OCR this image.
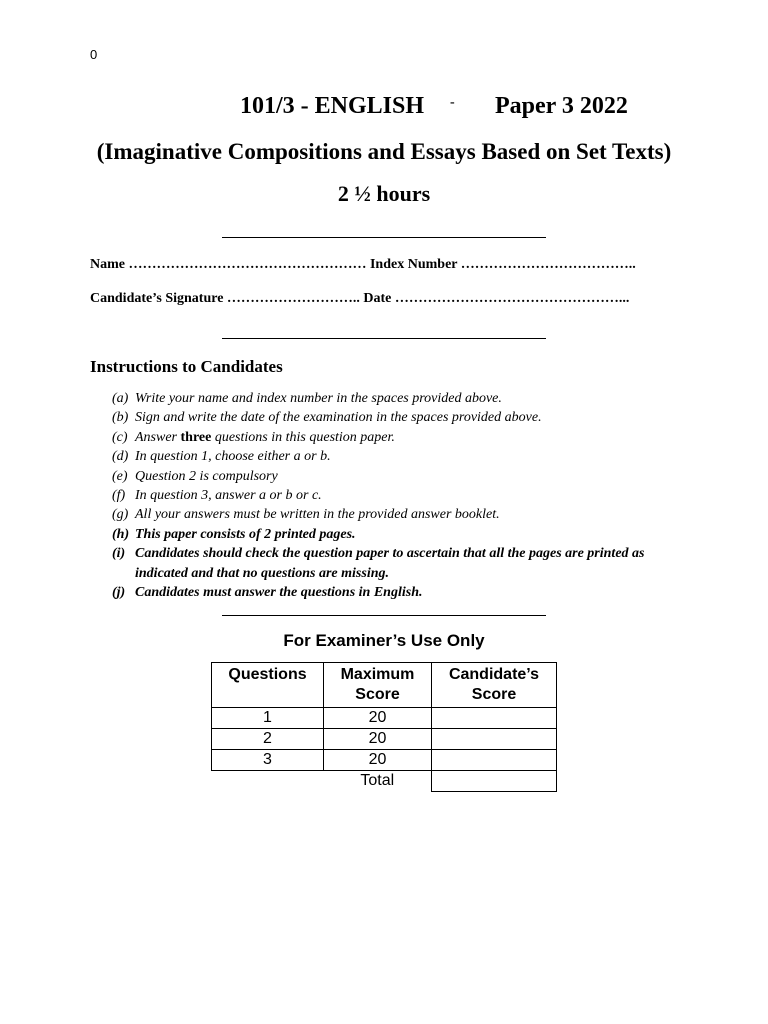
0
101/3 - ENGLISH - Paper 3 2022
(Imaginative Compositions and Essays Based on Set Texts)
2 ½ hours
Name …………………………………………… Index Number ………………………………..
Candidate’s Signature ……………………….. Date …………………………………………...
Instructions to Candidates
(a) Write your name and index number in the spaces provided above.
(b) Sign and write the date of the examination in the spaces provided above.
(c) Answer three questions in this question paper.
(d) In question 1, choose either a or b.
(e) Question 2 is compulsory
(f) In question 3, answer a or b or c.
(g) All your answers must be written in the provided answer booklet.
(h) This paper consists of 2 printed pages.
(i) Candidates should check the question paper to ascertain that all the pages are printed as indicated and that no questions are missing.
(j) Candidates must answer the questions in English.
For Examiner’s Use Only
Questions	Maximum Score	Candidate’s Score
1	20	
2	20	
3	20	
	Total	
